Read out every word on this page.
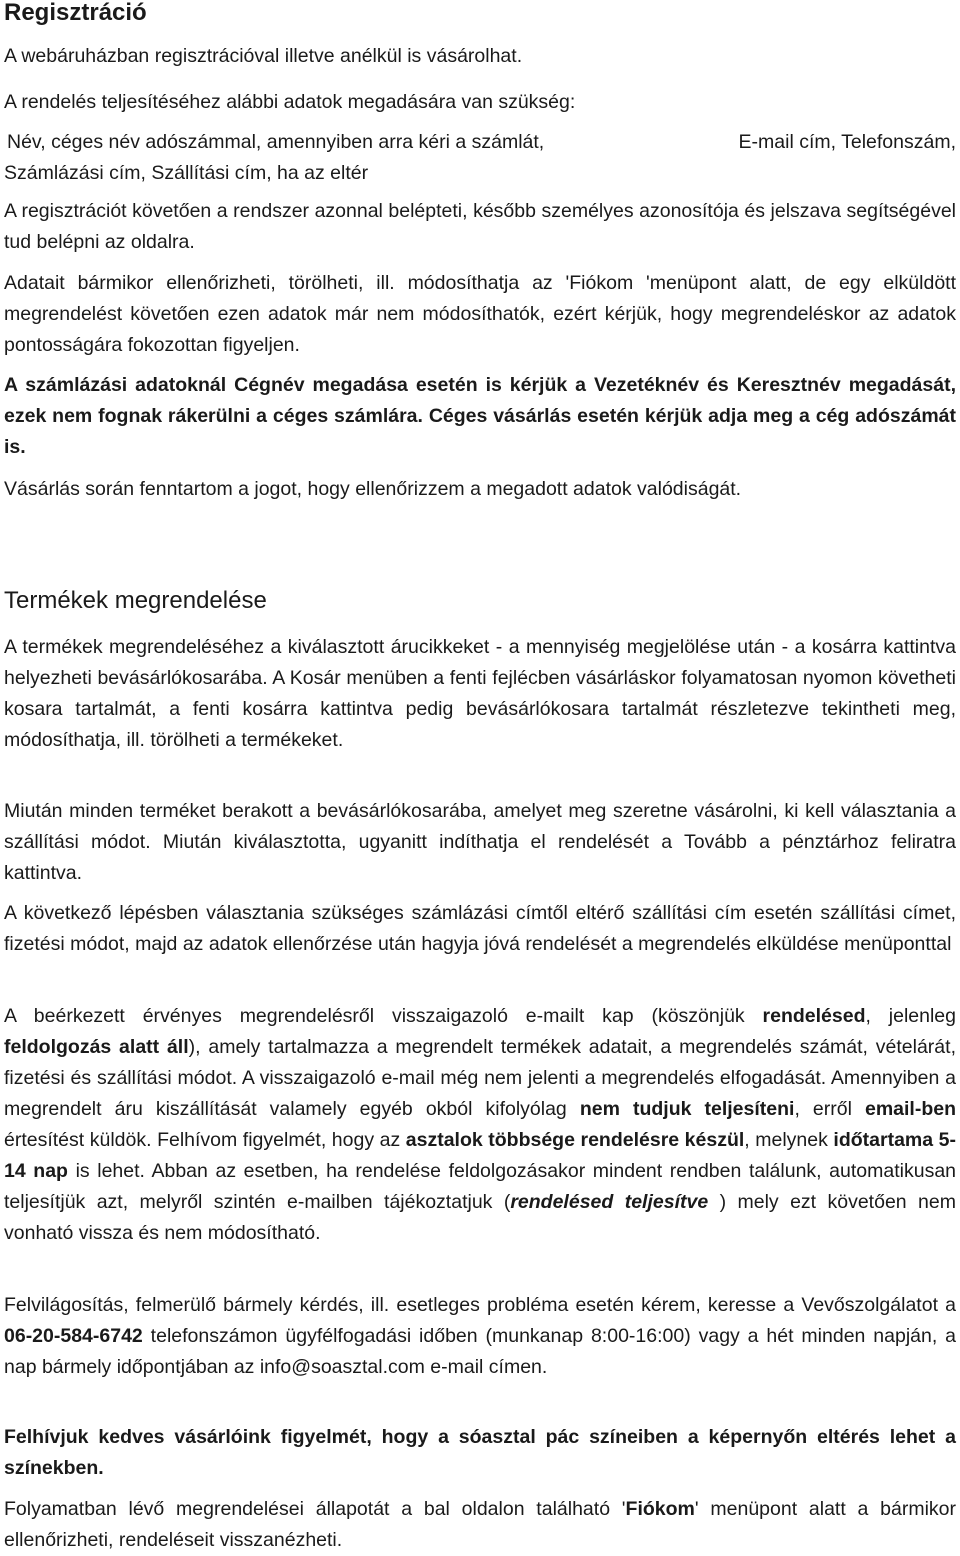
Regisztráció

A webáruházban regisztrációval illetve anélkül is vásárolhat.

A rendelés teljesítéséhez alábbi adatok megadására van szükség:

Név, céges név adószámmal, amennyiben arra kéri a számlát,	E-mail cím, Telefonszám,
Számlázási cím, Szállítási cím, ha az eltér

A regisztrációt követően a rendszer azonnal belépteti, később személyes azonosítója és jelszava segítségével tud belépni az oldalra.

Adatait bármikor ellenőrizheti, törölheti, ill. módosíthatja az 'Fiókom 'menüpont alatt, de egy elküldött megrendelést követően ezen adatok már nem módosíthatók, ezért kérjük, hogy megrendeléskor az adatok pontosságára fokozottan figyeljen.

A számlázási adatoknál Cégnév megadása esetén is kérjük a Vezetéknév és Keresztnév megadását, ezek nem fognak rákerülni a céges számlára. Céges vásárlás esetén kérjük adja meg a cég adószámát is.

Vásárlás során fenntartom a jogot, hogy ellenőrizzem a megadott adatok valódiságát.

Termékek megrendelése

A termékek megrendeléséhez a kiválasztott árucikkeket - a mennyiség megjelölése után - a kosárra kattintva helyezheti bevásárlókosarába. A Kosár menüben a fenti fejlécben vásárláskor folyamatosan nyomon követheti kosara tartalmát, a fenti kosárra kattintva pedig bevásárlókosara tartalmát részletezve tekintheti meg, módosíthatja, ill. törölheti a termékeket.

Miután minden terméket berakott a bevásárlókosarába, amelyet meg szeretne vásárolni, ki kell választania a szállítási módot. Miután kiválasztotta, ugyanitt indíthatja el rendelését a Tovább a pénztárhoz feliratra kattintva.

A következő lépésben választania szükséges számlázási címtől eltérő szállítási cím esetén szállítási címet, fizetési módot, majd az adatok ellenőrzése után hagyja jóvá rendelését a megrendelés elküldése menüponttal

A beérkezett érvényes megrendelésről visszaigazoló e-mailt kap (köszönjük rendelésed, jelenleg feldolgozás alatt áll), amely tartalmazza a megrendelt termékek adatait, a megrendelés számát, vételárát, fizetési és szállítási módot. A visszaigazoló e-mail még nem jelenti a megrendelés elfogadását. Amennyiben a megrendelt áru kiszállítását valamely egyéb okból kifolyólag nem tudjuk teljesíteni, erről email-ben értesítést küldök. Felhívom figyelmét, hogy az asztalok többsége rendelésre készül, melynek időtartama 5-14 nap is lehet. Abban az esetben, ha rendelése feldolgozásakor mindent rendben találunk, automatikusan teljesítjük azt, melyről szintén e-mailben tájékoztatjuk (rendelésed teljesítve ) mely ezt követően nem vonható vissza és nem módosítható.

Felvilágosítás, felmerülő bármely kérdés, ill. esetleges probléma esetén kérem, keresse a Vevőszolgálatot a 06-20-584-6742 telefonszámon ügyfélfogadási időben (munkanap 8:00-16:00) vagy a hét minden napján, a nap bármely időpontjában az info@soasztal.com e-mail címen.

Felhívjuk kedves vásárlóink figyelmét, hogy a sóasztal pác színeiben a képernyőn eltérés lehet a színekben.

Folyamatban lévő megrendelései állapotát a bal oldalon található 'Fiókom' menüpont alatt a bármikor ellenőrizheti, rendeléseit visszanézheti.
